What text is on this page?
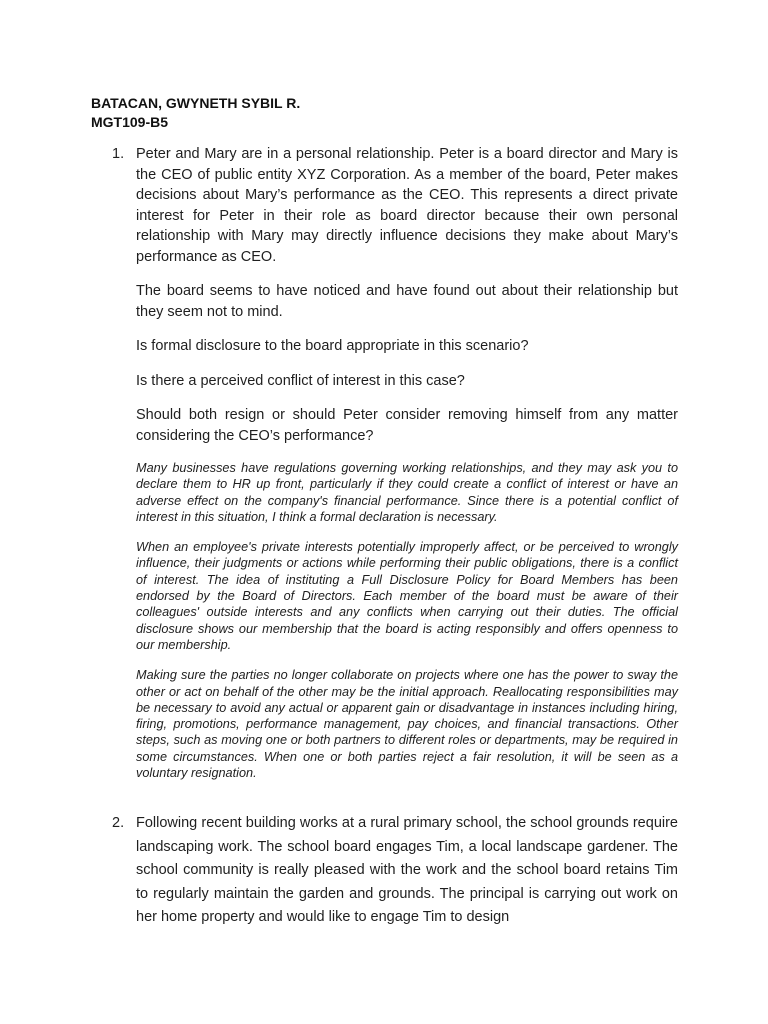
BATACAN, GWYNETH SYBIL R.
MGT109-B5
1. Peter and Mary are in a personal relationship. Peter is a board director and Mary is the CEO of public entity XYZ Corporation. As a member of the board, Peter makes decisions about Mary’s performance as the CEO. This represents a direct private interest for Peter in their role as board director because their own personal relationship with Mary may directly influence decisions they make about Mary’s performance as CEO.

The board seems to have noticed and have found out about their relationship but they seem not to mind.

Is formal disclosure to the board appropriate in this scenario?

Is there a perceived conflict of interest in this case?

Should both resign or should Peter consider removing himself from any matter considering the CEO’s performance?

Many businesses have regulations governing working relationships, and they may ask you to declare them to HR up front, particularly if they could create a conflict of interest or have an adverse effect on the company's financial performance. Since there is a potential conflict of interest in this situation, I think a formal declaration is necessary.

When an employee's private interests potentially improperly affect, or be perceived to wrongly influence, their judgments or actions while performing their public obligations, there is a conflict of interest. The idea of instituting a Full Disclosure Policy for Board Members has been endorsed by the Board of Directors. Each member of the board must be aware of their colleagues' outside interests and any conflicts when carrying out their duties. The official disclosure shows our membership that the board is acting responsibly and offers openness to our membership.

Making sure the parties no longer collaborate on projects where one has the power to sway the other or act on behalf of the other may be the initial approach. Reallocating responsibilities may be necessary to avoid any actual or apparent gain or disadvantage in instances including hiring, firing, promotions, performance management, pay choices, and financial transactions. Other steps, such as moving one or both partners to different roles or departments, may be required in some circumstances. When one or both parties reject a fair resolution, it will be seen as a voluntary resignation.

2. Following recent building works at a rural primary school, the school grounds require landscaping work. The school board engages Tim, a local landscape gardener. The school community is really pleased with the work and the school board retains Tim to regularly maintain the garden and grounds. The principal is carrying out work on her home property and would like to engage Tim to design
